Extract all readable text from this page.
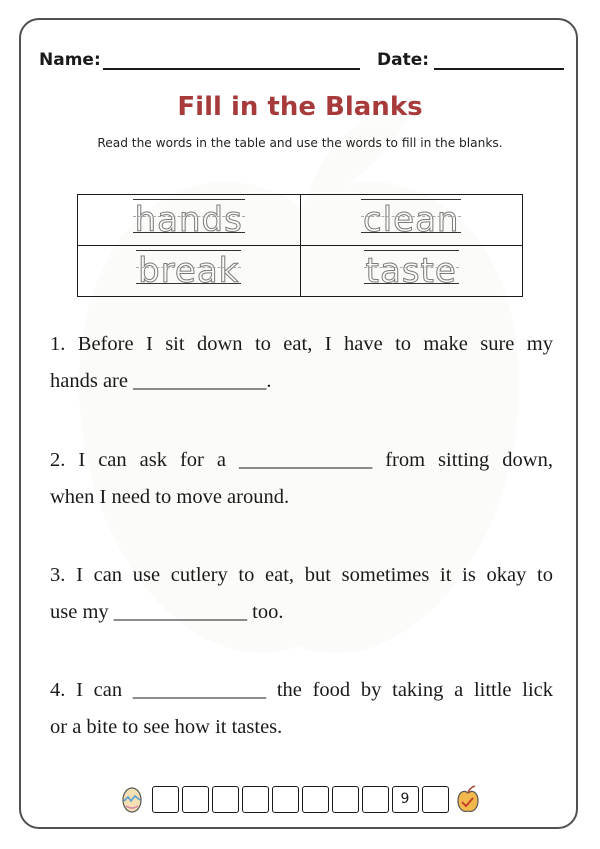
Name:	Date:
Fill in the Blanks
Read the words in the table and use the words to fill in the blanks.
hands	clean

break	taste
1. Before I sit down to eat, I have to make sure my
hands are _____________.
2. I can ask for a _____________ from sitting down,
when I need to move around.
3. I can use cutlery to eat, but sometimes it is okay to
use my _____________ too.
4. I can _____________ the food by taking a little lick
or a bite to see how it tastes.
9
